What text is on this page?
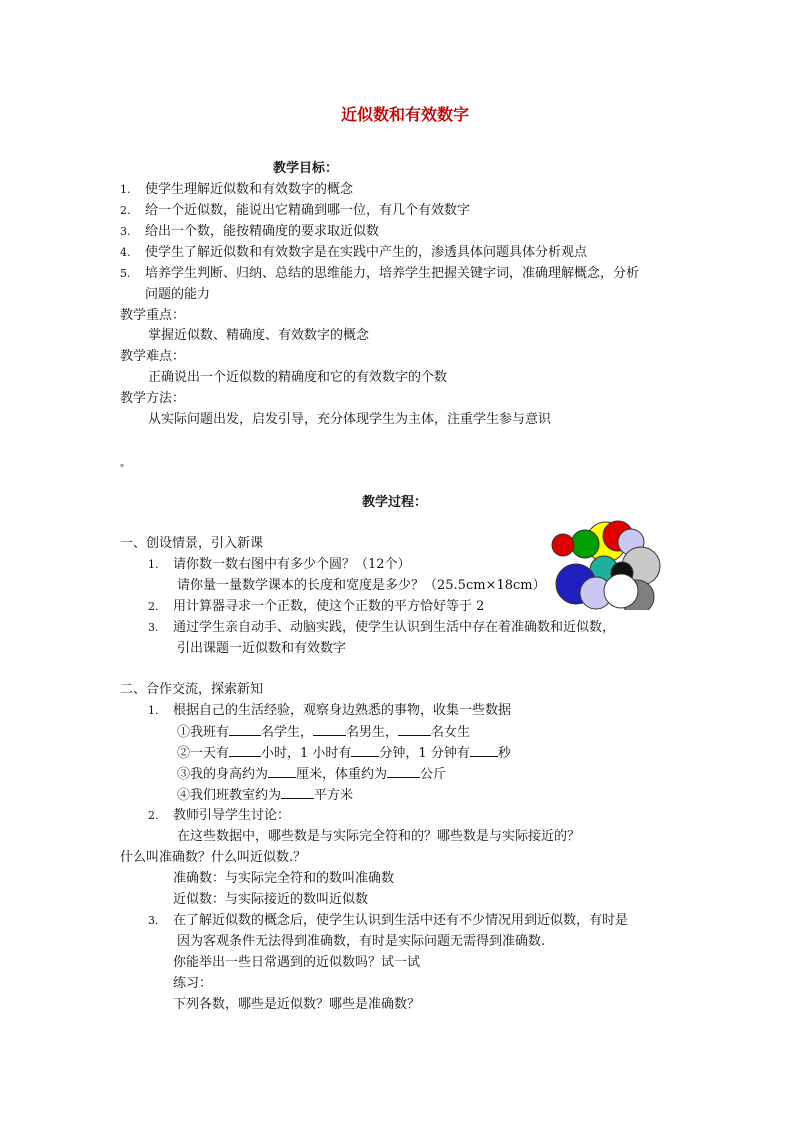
近似数和有效数字
教学目标：
1. 使学生理解近似数和有效数字的概念
2. 给一个近似数，能说出它精确到哪一位，有几个有效数字
3. 给出一个数，能按精确度的要求取近似数
4. 使学生了解近似数和有效数字是在实践中产生的，渗透具体问题具体分析观点
5. 培养学生判断、归纳、总结的思维能力，培养学生把握关键字词，准确理解概念，分析
问题的能力
教学重点：
掌握近似数、精确度、有效数字的概念
教学难点：
正确说出一个近似数的精确度和它的有效数字的个数
教学方法：
从实际问题出发，启发引导，充分体现学生为主体，注重学生参与意识
▪
教学过程：
一、创设情景，引入新课
1. 请你数一数右图中有多少个圆？（12个）
请你量一量数学课本的长度和宽度是多少？（25.5cm×18cm）
2. 用计算器寻求一个正数，使这个正数的平方恰好等于 2
3. 通过学生亲自动手、动脑实践，使学生认识到生活中存在着准确数和近似数，
引出课题一近似数和有效数字
二、合作交流，探索新知
1. 根据自己的生活经验，观察身边熟悉的事物，收集一些数据
①我班有 名学生，	名男生，	名女生
②一天有 小时，1 小时有 分钟，1 分钟有 秒
③我的身高约为 厘米，体重约为	公斤
④我们班教室约为	平方米
2. 教师引导学生讨论：
在这些数据中，哪些数是与实际完全符和的？哪些数是与实际接近的？
什么叫准确数？什么叫近似数.？
准确数：与实际完全符和的数叫准确数
近似数：与实际接近的数叫近似数
3. 在了解近似数的概念后，使学生认识到生活中还有不少情况用到近似数，有时是
因为客观条件无法得到准确数，有时是实际问题无需得到准确数.
你能举出一些日常遇到的近似数吗？试一试
练习：
下列各数，哪些是近似数？哪些是准确数？
